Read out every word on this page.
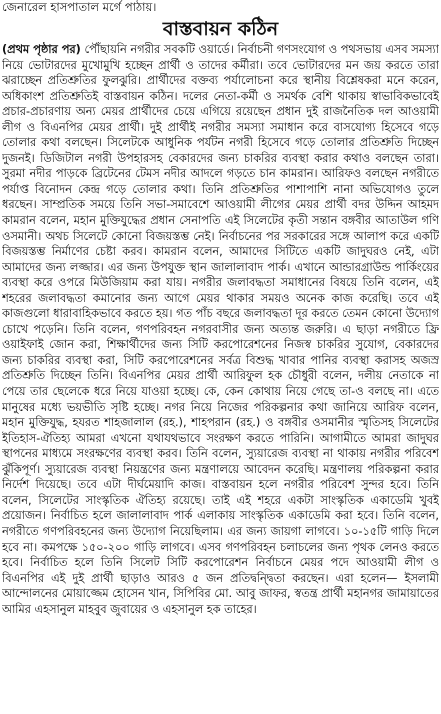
জেনারেল হাসপাতাল মর্গে পাঠায়।
বাস্তবায়ন কঠিন

(প্রথম পৃষ্ঠার পর) পৌঁছায়নি নগরীর সবকটি ওয়ার্ডে। নির্বাচনী গণসংযোগ ও পথসভায় এসব সমস্যা নিয়ে ভোটারদের মুখোমুখি হচ্ছেন প্রার্থী ও তাদের কর্মীরা। তবে ভোটারদের মন জয় করতে তারা ঝরাচ্ছেন প্রতিশ্রুতির ফুলঝুরি। প্রার্থীদের বক্তব্য পর্যালোচনা করে স্থানীয় বিশ্লেষকরা মনে করেন, অধিকাংশ প্রতিশ্রুতিই বাস্তবায়ন কঠিন। দলের নেতা-কর্মী ও সমর্থক বেশি থাকায় স্বাভাবিকভাবেই প্রচার-প্রচারণায় অন্য মেয়র প্রার্থীদের চেয়ে এগিয়ে রয়েছেন প্রধান দুই রাজনৈতিক দল আওয়ামী লীগ ও বিএনপির মেয়র প্রার্থী। দুই প্রার্থীই নগরীর সমস্যা সমাধান করে বাসযোগ্য হিসেবে গড়ে তোলার কথা বলছেন। সিলেটকে আধুনিক পর্যটন নগরী হিসেবে গড়ে তোলার প্রতিশ্রুতি দিচ্ছেন দুজনই। ডিজিটাল নগরী উপহারসহ বেকারদের জন্য চাকরির ব্যবস্থা করার কথাও বলছেন তারা। সুরমা নদীর পাড়কে ব্রিটেনের টেমস নদীর আদলে গড়তে চান কামরান। আরিফও বলছেন নগরীতে পর্যাপ্ত বিনোদন কেন্দ্র গড়ে তোলার কথা। তিনি প্রতিশ্রুতির পাশাপাশি নানা অভিযোগও তুলে ধরছেন। সাম্প্রতিক সময়ে তিনি সভা-সমাবেশে আওয়ামী লীগের মেয়র প্রার্থী বদর উদ্দিন আহমদ কামরান বলেন, মহান মুক্তিযুদ্ধের প্রধান সেনাপতি এই সিলেটের কৃতী সন্তান বঙ্গবীর আতাউল গণি ওসমানী। অথচ সিলেটে কোনো বিজয়স্তম্ভ নেই। নির্বাচনের পর সরকারের সঙ্গে আলাপ করে একটি বিজয়স্তম্ভ নির্মাণের চেষ্টা করব। কামরান বলেন, আমাদের সিটিতে একটি জাদুঘরও নেই, এটা আমাদের জন্য লজ্জার। এর জন্য উপযুক্ত স্থান জালালাবাদ পার্ক। এখানে আন্ডারগ্রাউন্ড পার্কিংয়ের ব্যবস্থা করে ওপরে মিউজিয়াম করা যায়। নগরীর জলাবদ্ধতা সমাধানের বিষয়ে তিনি বলেন, এই শহরের জলাবদ্ধতা কমানোর জন্য আগে মেয়র থাকার সময়ও অনেক কাজ করেছি। তবে এই কাজগুলো ধারাবাহিকভাবে করতে হয়। গত পাঁচ বছরে জলাবদ্ধতা দূর করতে তেমন কোনো উদ্যোগ চোখে পড়েনি। তিনি বলেন, গণপরিবহন নগরবাসীর জন্য অত্যন্ত জরুরি। এ ছাড়া নগরীতে ফ্রি ওয়াইফাই জোন করা, শিক্ষার্থীদের জন্য সিটি করপোরেশনের নিজস্ব চাকরির সুযোগ, বেকারদের জন্য চাকরির ব্যবস্থা করা, সিটি করপোরেশনের সর্বত্র বিশুদ্ধ খাবার পানির ব্যবস্থা করাসহ অজস্র প্রতিশ্রুতি দিচ্ছেন তিনি। বিএনপির মেয়র প্রার্থী আরিফুল হক চৌধুরী বলেন, দলীয় নেতাকে না পেয়ে তার ছেলেকে ধরে নিয়ে যাওয়া হচ্ছে। কে, কেন কোথায় নিয়ে গেছে তা-ও বলছে না। এতে মানুষের মধ্যে ভয়ভীতি সৃষ্টি হচ্ছে। নগর নিয়ে নিজের পরিকল্পনার কথা জানিয়ে আরিফ বলেন, মহান মুক্তিযুদ্ধ, হযরত শাহজালাল (রহ.), শাহপরান (রহ.) ও বঙ্গবীর ওসমানীর স্মৃতিসহ সিলেটের ইতিহাস-ঐতিহ্য আমরা এখনো যথাযথভাবে সংরক্ষণ করতে পারিনি। আগামীতে আমরা জাদুঘর স্থাপনের মাধ্যমে সংরক্ষণের ব্যবস্থা করব। তিনি বলেন, স্যুয়ারেজ ব্যবস্থা না থাকায় নগরীর পরিবেশ ঝুঁকিপূর্ণ। স্যুয়ারেজ ব্যবস্থা নিয়ন্ত্রণের জন্য মন্ত্রণালয়ে আবেদন করেছি। মন্ত্রণালয় পরিকল্পনা করার নির্দেশ দিয়েছে। তবে এটা দীর্ঘমেয়াদি কাজ। বাস্তবায়ন হলে নগরীর পরিবেশ সুন্দর হবে। তিনি বলেন, সিলেটের সাংস্কৃতিক ঐতিহ্য রয়েছে। তাই এই শহরে একটা সাংস্কৃতিক একাডেমি খুবই প্রয়োজন। নির্বাচিত হলে জালালাবাদ পার্ক এলাকায় সাংস্কৃতিক একাডেমি করা হবে। তিনি বলেন, নগরীতে গণপরিবহনের জন্য উদ্যোগ নিয়েছিলাম। এর জন্য জায়গা লাগবে। ১০-১৫টি গাড়ি দিলে হবে না। কমপক্ষে ১৫০-২০০ গাড়ি লাগবে। এসব গণপরিবহন চলাচলের জন্য পৃথক লেনও করতে হবে। নির্বাচিত হলে তিনি সিলেট সিটি করপোরেশন নির্বাচনে মেয়র পদে আওয়ামী লীগ ও বিএনপির এই দুই প্রার্থী ছাড়াও আরও ৫ জন প্রতিদ্বন্দ্বিতা করছেন। এরা হলেন— ইসলামী আন্দোলনের মোয়াজ্জেম হোসেন খান, সিপিবির মো. আবু জাফর, স্বতন্ত্র প্রার্থী মহানগর জামায়াতের আমির এহসানুল মাহবুব জুবায়ের ও এহসানুল হক তাহের।
